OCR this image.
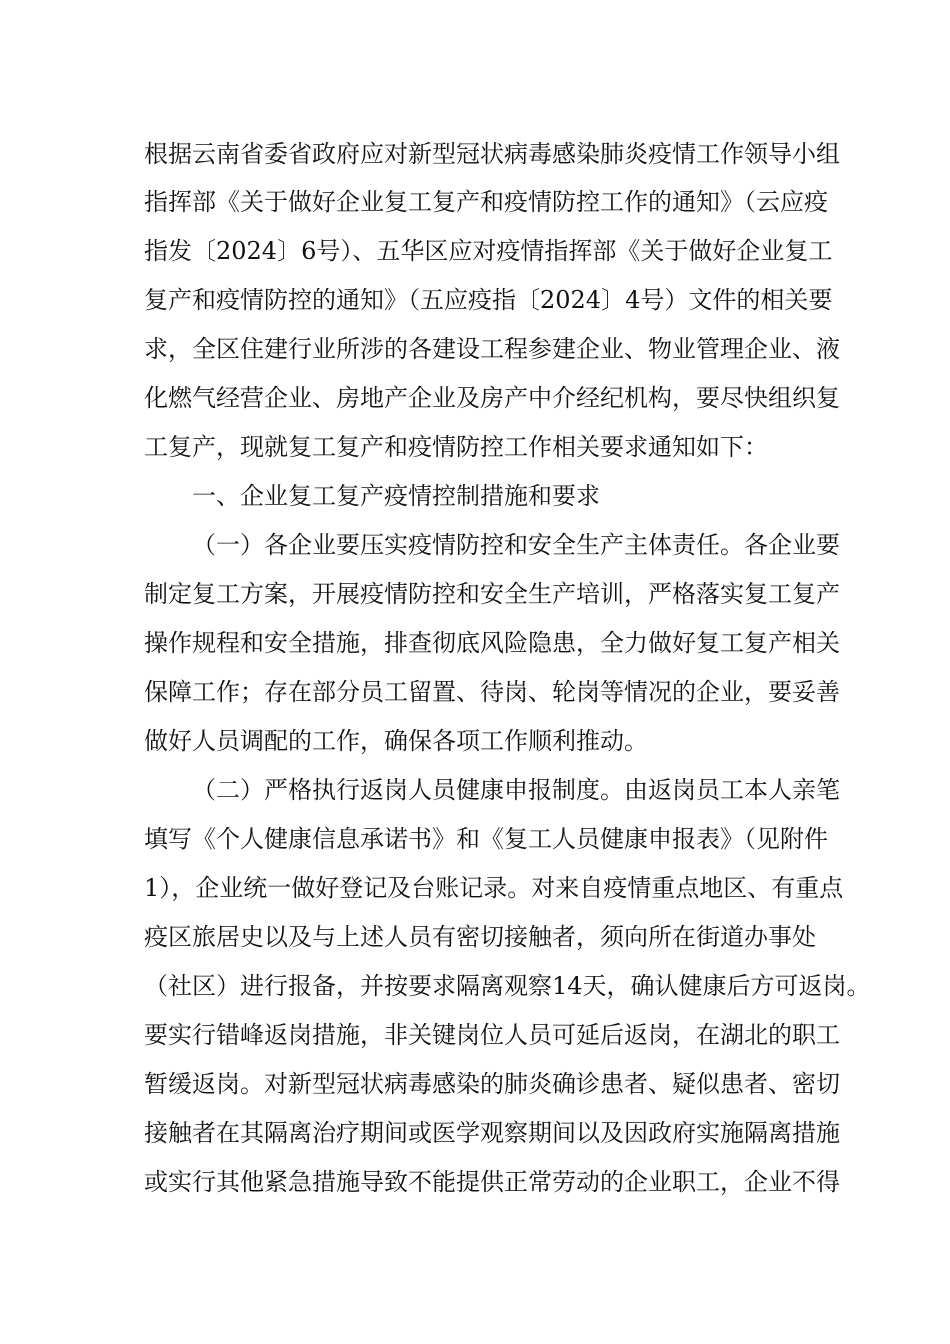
根据云南省委省政府应对新型冠状病毒感染肺炎疫情工作领导小组
指挥部《关于做好企业复工复产和疫情防控工作的通知》（云应疫
指发〔2024〕6号）、五华区应对疫情指挥部《关于做好企业复工
复产和疫情防控的通知》（五应疫指〔2024〕4号）文件的相关要
求，全区住建行业所涉的各建设工程参建企业、物业管理企业、液
化燃气经营企业、房地产企业及房产中介经纪机构，要尽快组织复
工复产，现就复工复产和疫情防控工作相关要求通知如下：
一、企业复工复产疫情控制措施和要求
（一）各企业要压实疫情防控和安全生产主体责任。各企业要
制定复工方案，开展疫情防控和安全生产培训，严格落实复工复产
操作规程和安全措施，排查彻底风险隐患，全力做好复工复产相关
保障工作；存在部分员工留置、待岗、轮岗等情况的企业，要妥善
做好人员调配的工作，确保各项工作顺利推动。
（二）严格执行返岗人员健康申报制度。由返岗员工本人亲笔
填写《个人健康信息承诺书》和《复工人员健康申报表》（见附件
1），企业统一做好登记及台账记录。对来自疫情重点地区、有重点
疫区旅居史以及与上述人员有密切接触者，须向所在街道办事处
（社区）进行报备，并按要求隔离观察14天，确认健康后方可返岗。
要实行错峰返岗措施，非关键岗位人员可延后返岗，在湖北的职工
暂缓返岗。对新型冠状病毒感染的肺炎确诊患者、疑似患者、密切
接触者在其隔离治疗期间或医学观察期间以及因政府实施隔离措施
或实行其他紧急措施导致不能提供正常劳动的企业职工，企业不得
